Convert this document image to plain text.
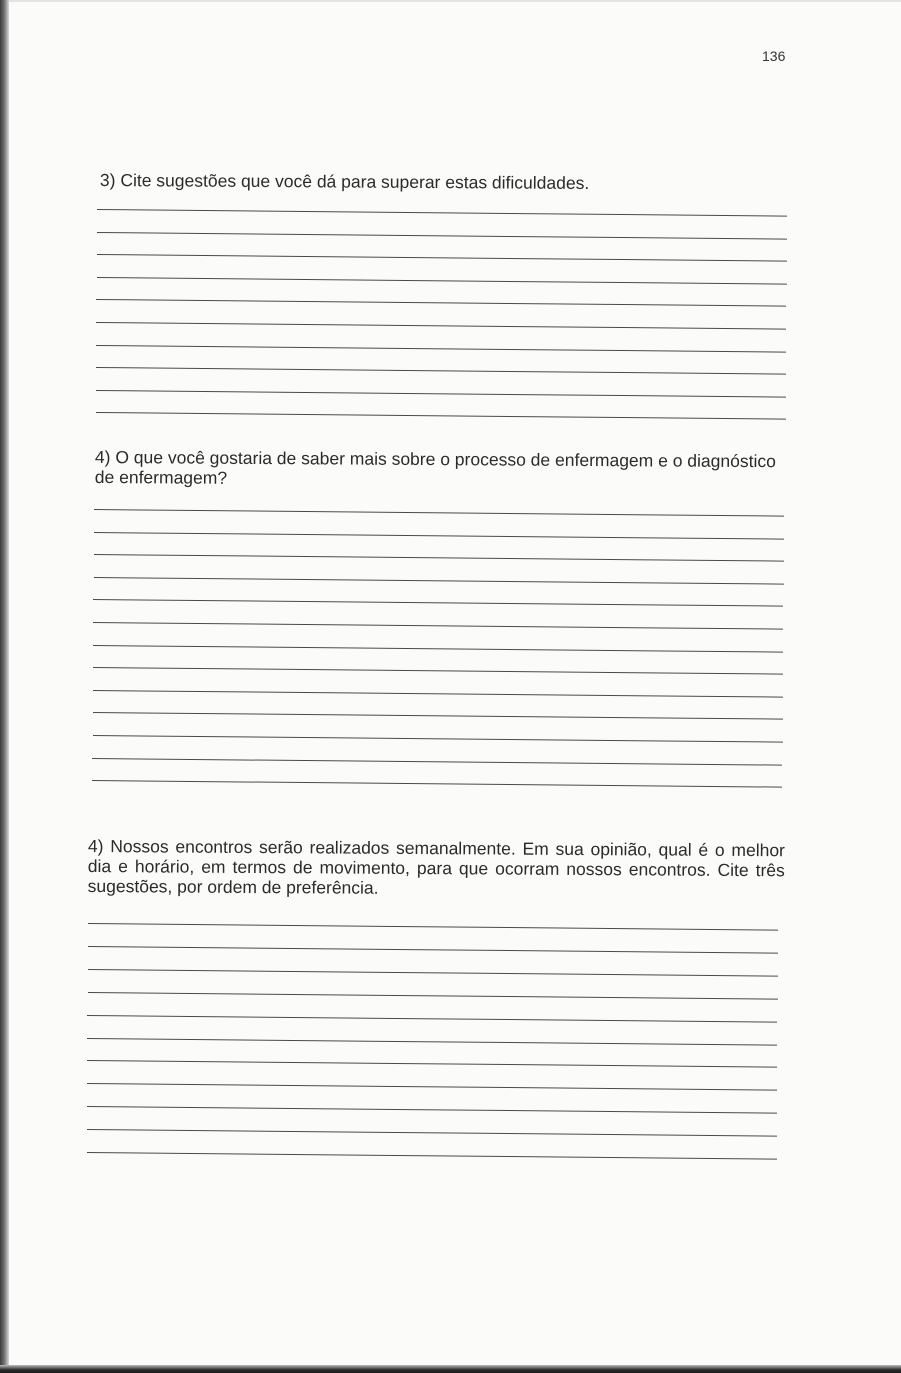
136
3) Cite sugestões que você dá para superar estas dificuldades.
4) O que você gostaria de saber mais sobre o processo de enfermagem e o diagnóstico de enfermagem?
4) Nossos encontros serão realizados semanalmente. Em sua opinião, qual é o melhor dia e horário, em termos de movimento, para que ocorram nossos encontros. Cite três sugestões, por ordem de preferência.
